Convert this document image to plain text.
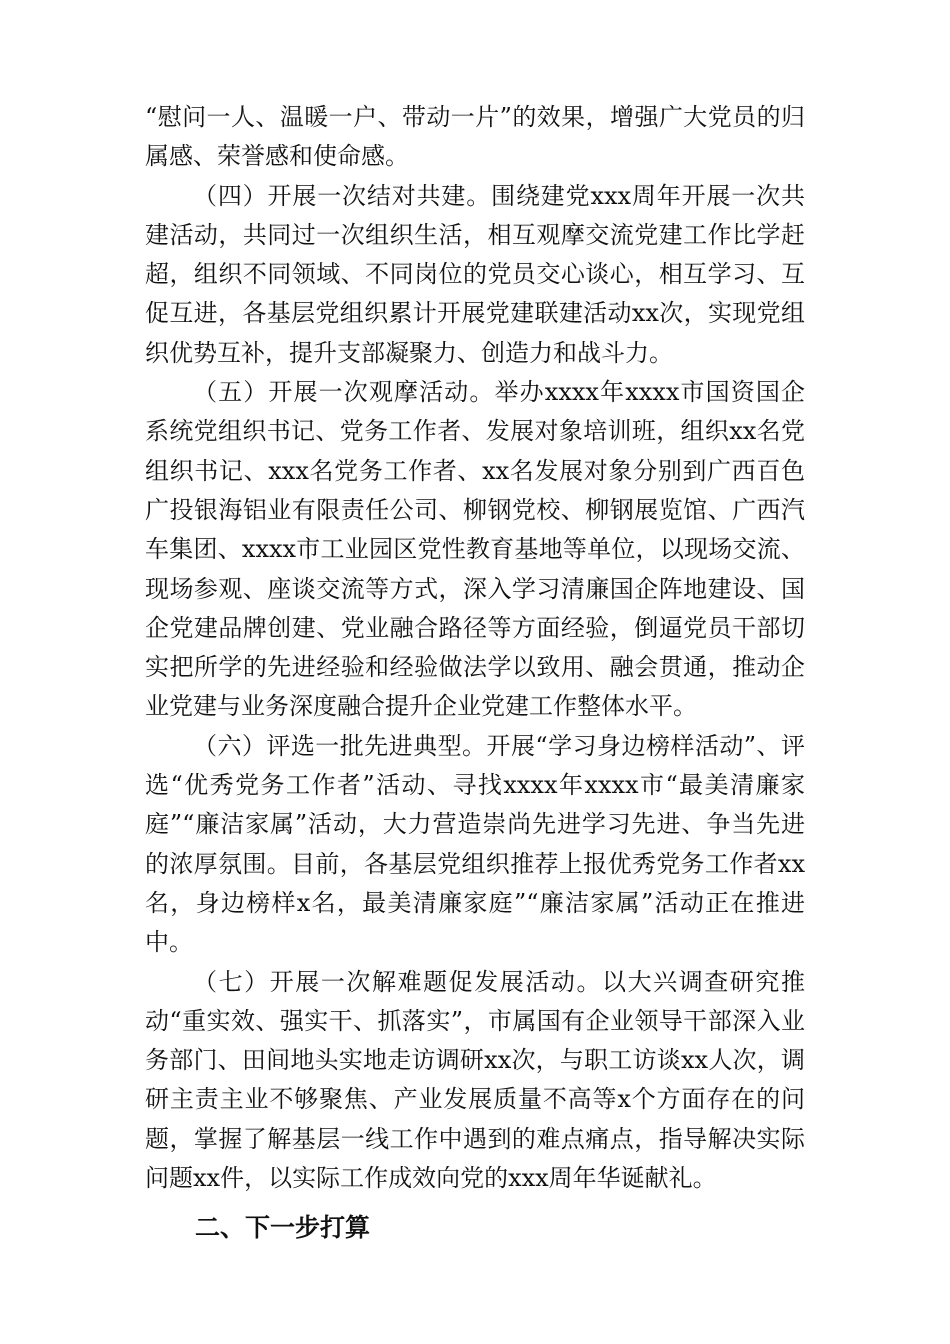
“慰问一人、温暖一户、带动一片”的效果，增强广大党员的归属感、荣誉感和使命感。

（四）开展一次结对共建。围绕建党xxx周年开展一次共建活动，共同过一次组织生活，相互观摩交流党建工作比学赶超，组织不同领域、不同岗位的党员交心谈心，相互学习、互促互进，各基层党组织累计开展党建联建活动xx次，实现党组织优势互补，提升支部凝聚力、创造力和战斗力。

（五）开展一次观摩活动。举办xxxx年xxxx市国资国企系统党组织书记、党务工作者、发展对象培训班，组织xx名党组织书记、xxx名党务工作者、xx名发展对象分别到广西百色广投银海铝业有限责任公司、柳钢党校、柳钢展览馆、广西汽车集团、xxxx市工业园区党性教育基地等单位，以现场交流、现场参观、座谈交流等方式，深入学习清廉国企阵地建设、国企党建品牌创建、党业融合路径等方面经验，倒逼党员干部切实把所学的先进经验和经验做法学以致用、融会贯通，推动企业党建与业务深度融合提升企业党建工作整体水平。

（六）评选一批先进典型。开展“学习身边榜样活动”、评选“优秀党务工作者”活动、寻找xxxx年xxxx市“最美清廉家庭”“廉洁家属”活动，大力营造崇尚先进学习先进、争当先进的浓厚氛围。目前，各基层党组织推荐上报优秀党务工作者xx名，身边榜样x名，最美清廉家庭”“廉洁家属”活动正在推进中。

（七）开展一次解难题促发展活动。以大兴调查研究推动“重实效、强实干、抓落实”，市属国有企业领导干部深入业务部门、田间地头实地走访调研xx次，与职工访谈xx人次，调研主责主业不够聚焦、产业发展质量不高等x个方面存在的问题，掌握了解基层一线工作中遇到的难点痛点，指导解决实际问题xx件，以实际工作成效向党的xxx周年华诞献礼。

二、下一步打算
